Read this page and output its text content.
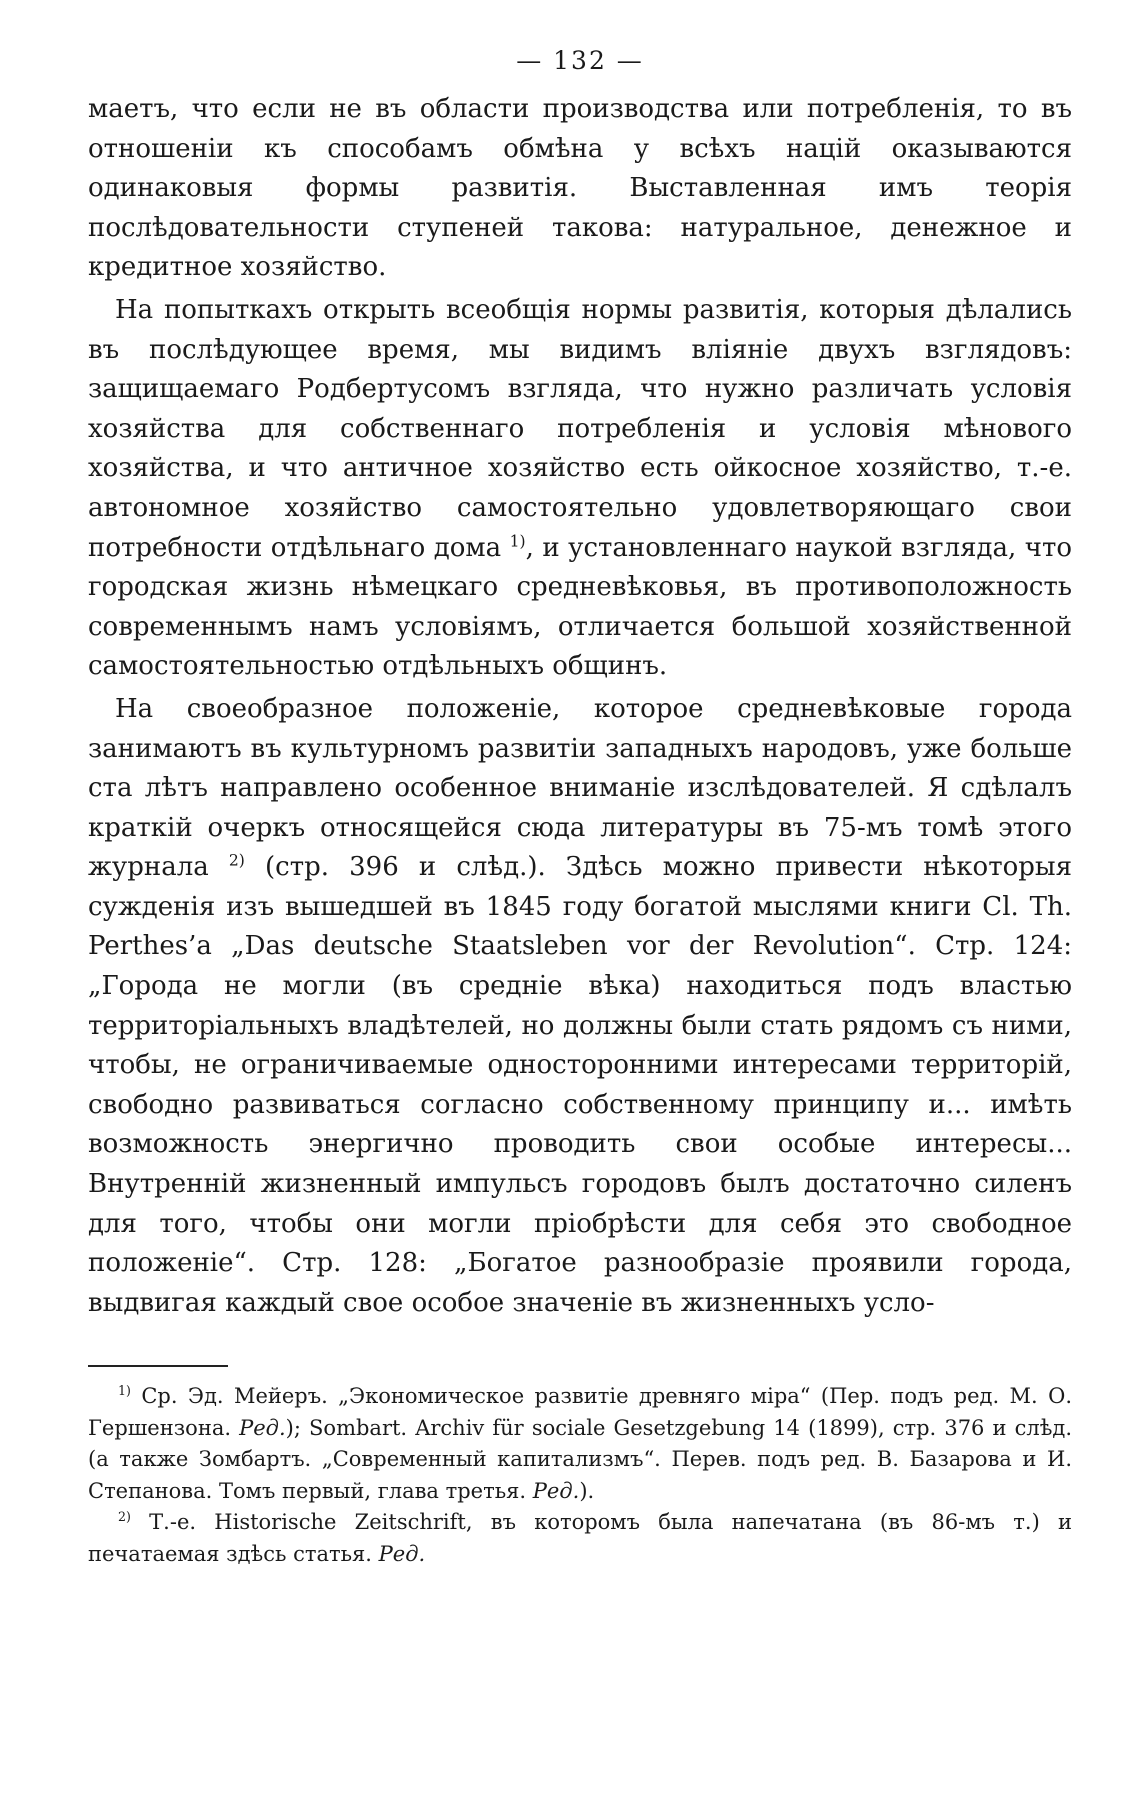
— 132 —

маетъ, что если не въ области производства или потребленія, то въ отношеніи къ способамъ обмѣна у всѣхъ націй оказываются одинаковыя формы развитія. Выставленная имъ теорія послѣдовательности ступеней такова: натуральное, денежное и кредитное хозяйство.

На попыткахъ открыть всеобщія нормы развитія, которыя дѣлались въ послѣдующее время, мы видимъ вліяніе двухъ взглядовъ: защищаемаго Родбертусомъ взгляда, что нужно различать условія хозяйства для собственнаго потребленія и условія мѣнового хозяйства, и что античное хозяйство есть ойкосное хозяйство, т.-е. автономное хозяйство самостоятельно удовлетворяющаго свои потребности отдѣльнаго дома $^{1)}$, и установленнаго наукой взгляда, что городская жизнь нѣмецкаго средневѣковья, въ противоположность современнымъ намъ условіямъ, отличается большой хозяйственной самостоятельностью отдѣльныхъ общинъ.

На своеобразное положеніе, которое средневѣковые города занимаютъ въ культурномъ развитіи западныхъ народовъ, уже больше ста лѣтъ направлено особенное вниманіе изслѣдователей. Я сдѣлалъ краткій очеркъ относящейся сюда литературы въ 75-мъ томѣ этого журнала $^{2)}$ (стр. 396 и слѣд.). Здѣсь можно привести нѣкоторыя сужденія изъ вышедшей въ 1845 году богатой мыслями книги Cl. Th. Perthes’a „Das deutsche Staatsleben vor der Revolution“. Стр. 124: „Города не могли (въ средніе вѣка) находиться подъ властью территоріальныхъ владѣтелей, но должны были стать рядомъ съ ними, чтобы, не ограничиваемые односторонними интересами территорій, свободно развиваться согласно собственному принципу и... имѣть возможность энергично проводить свои особые интересы... Внутренній жизненный импульсъ городовъ былъ достаточно силенъ для того, чтобы они могли пріобрѣсти для себя это свободное положеніе“. Стр. 128: „Богатое разнообразіе проявили города, выдвигая каждый свое особое значеніе въ жизненныхъ усло-

$^{1)}$ Ср. Эд. Мейеръ. „Экономическое развитіе древняго міра“ (Пер. подъ ред. М. О. Гершензона. Ред.); Sombart. Archiv für sociale Gesetzgebung 14 (1899), стр. 376 и слѣд. (а также Зомбартъ. „Современный капитализмъ“. Перев. подъ ред. В. Базарова и И. Степанова. Томъ первый, глава третья. Ред.).

$^{2)}$ Т.-е. Historische Zeitschrift, въ которомъ была напечатана (въ 86-мъ т.) и печатаемая здѣсь статья. Ред.
